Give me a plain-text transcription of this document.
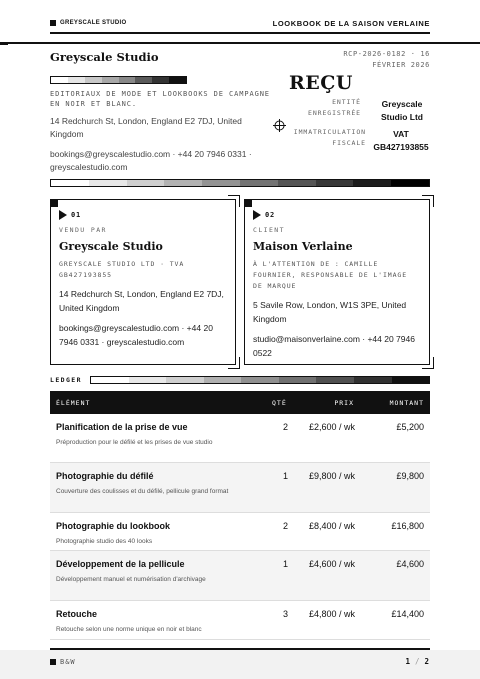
GREYSCALE STUDIO	LOOKBOOK DE LA SAISON VERLAINE
Greyscale Studio	RCP-2026-0182 · 16
FÉVRIER 2026
REÇU
EDITORIAUX DE MODE ET LOOKBOOKS DE CAMPAGNE EN NOIR ET BLANC.
14 Redchurch St, London, England E2 7DJ, United Kingdom
bookings@greyscalestudio.com · +44 20 7946 0331 · greyscalestudio.com
ENTITÉ ENREGISTRÉE
Greyscale Studio Ltd
IMMATRICULATION FISCALE
VAT GB427193855
01
VENDU PAR
Greyscale Studio
GREYSCALE STUDIO LTD · TVA GB427193855
14 Redchurch St, London, England E2 7DJ, United Kingdom
bookings@greyscalestudio.com · +44 20 7946 0331 · greyscalestudio.com
02
CLIENT
Maison Verlaine
À L'ATTENTION DE : CAMILLE FOURNIER, RESPONSABLE DE L'IMAGE DE MARQUE
5 Savile Row, London, W1S 3PE, United Kingdom
studio@maisonverlaine.com · +44 20 7946 0522
LEDGER
ÉLÉMENT	QTÉ	PRIX	MONTANT
Planification de la prise de vue
Préproduction pour le défilé et les prises de vue studio
2	£2,600 / wk	£5,200
Photographie du défilé
Couverture des coulisses et du défilé, pellicule grand format
1	£9,800 / wk	£9,800
Photographie du lookbook
Photographie studio des 40 looks
2	£8,400 / wk	£16,800
Développement de la pellicule
Développement manuel et numérisation d'archivage
1	£4,600 / wk	£4,600
Retouche
Retouche selon une norme unique en noir et blanc
3	£4,800 / wk	£14,400
B&W	1 / 2
